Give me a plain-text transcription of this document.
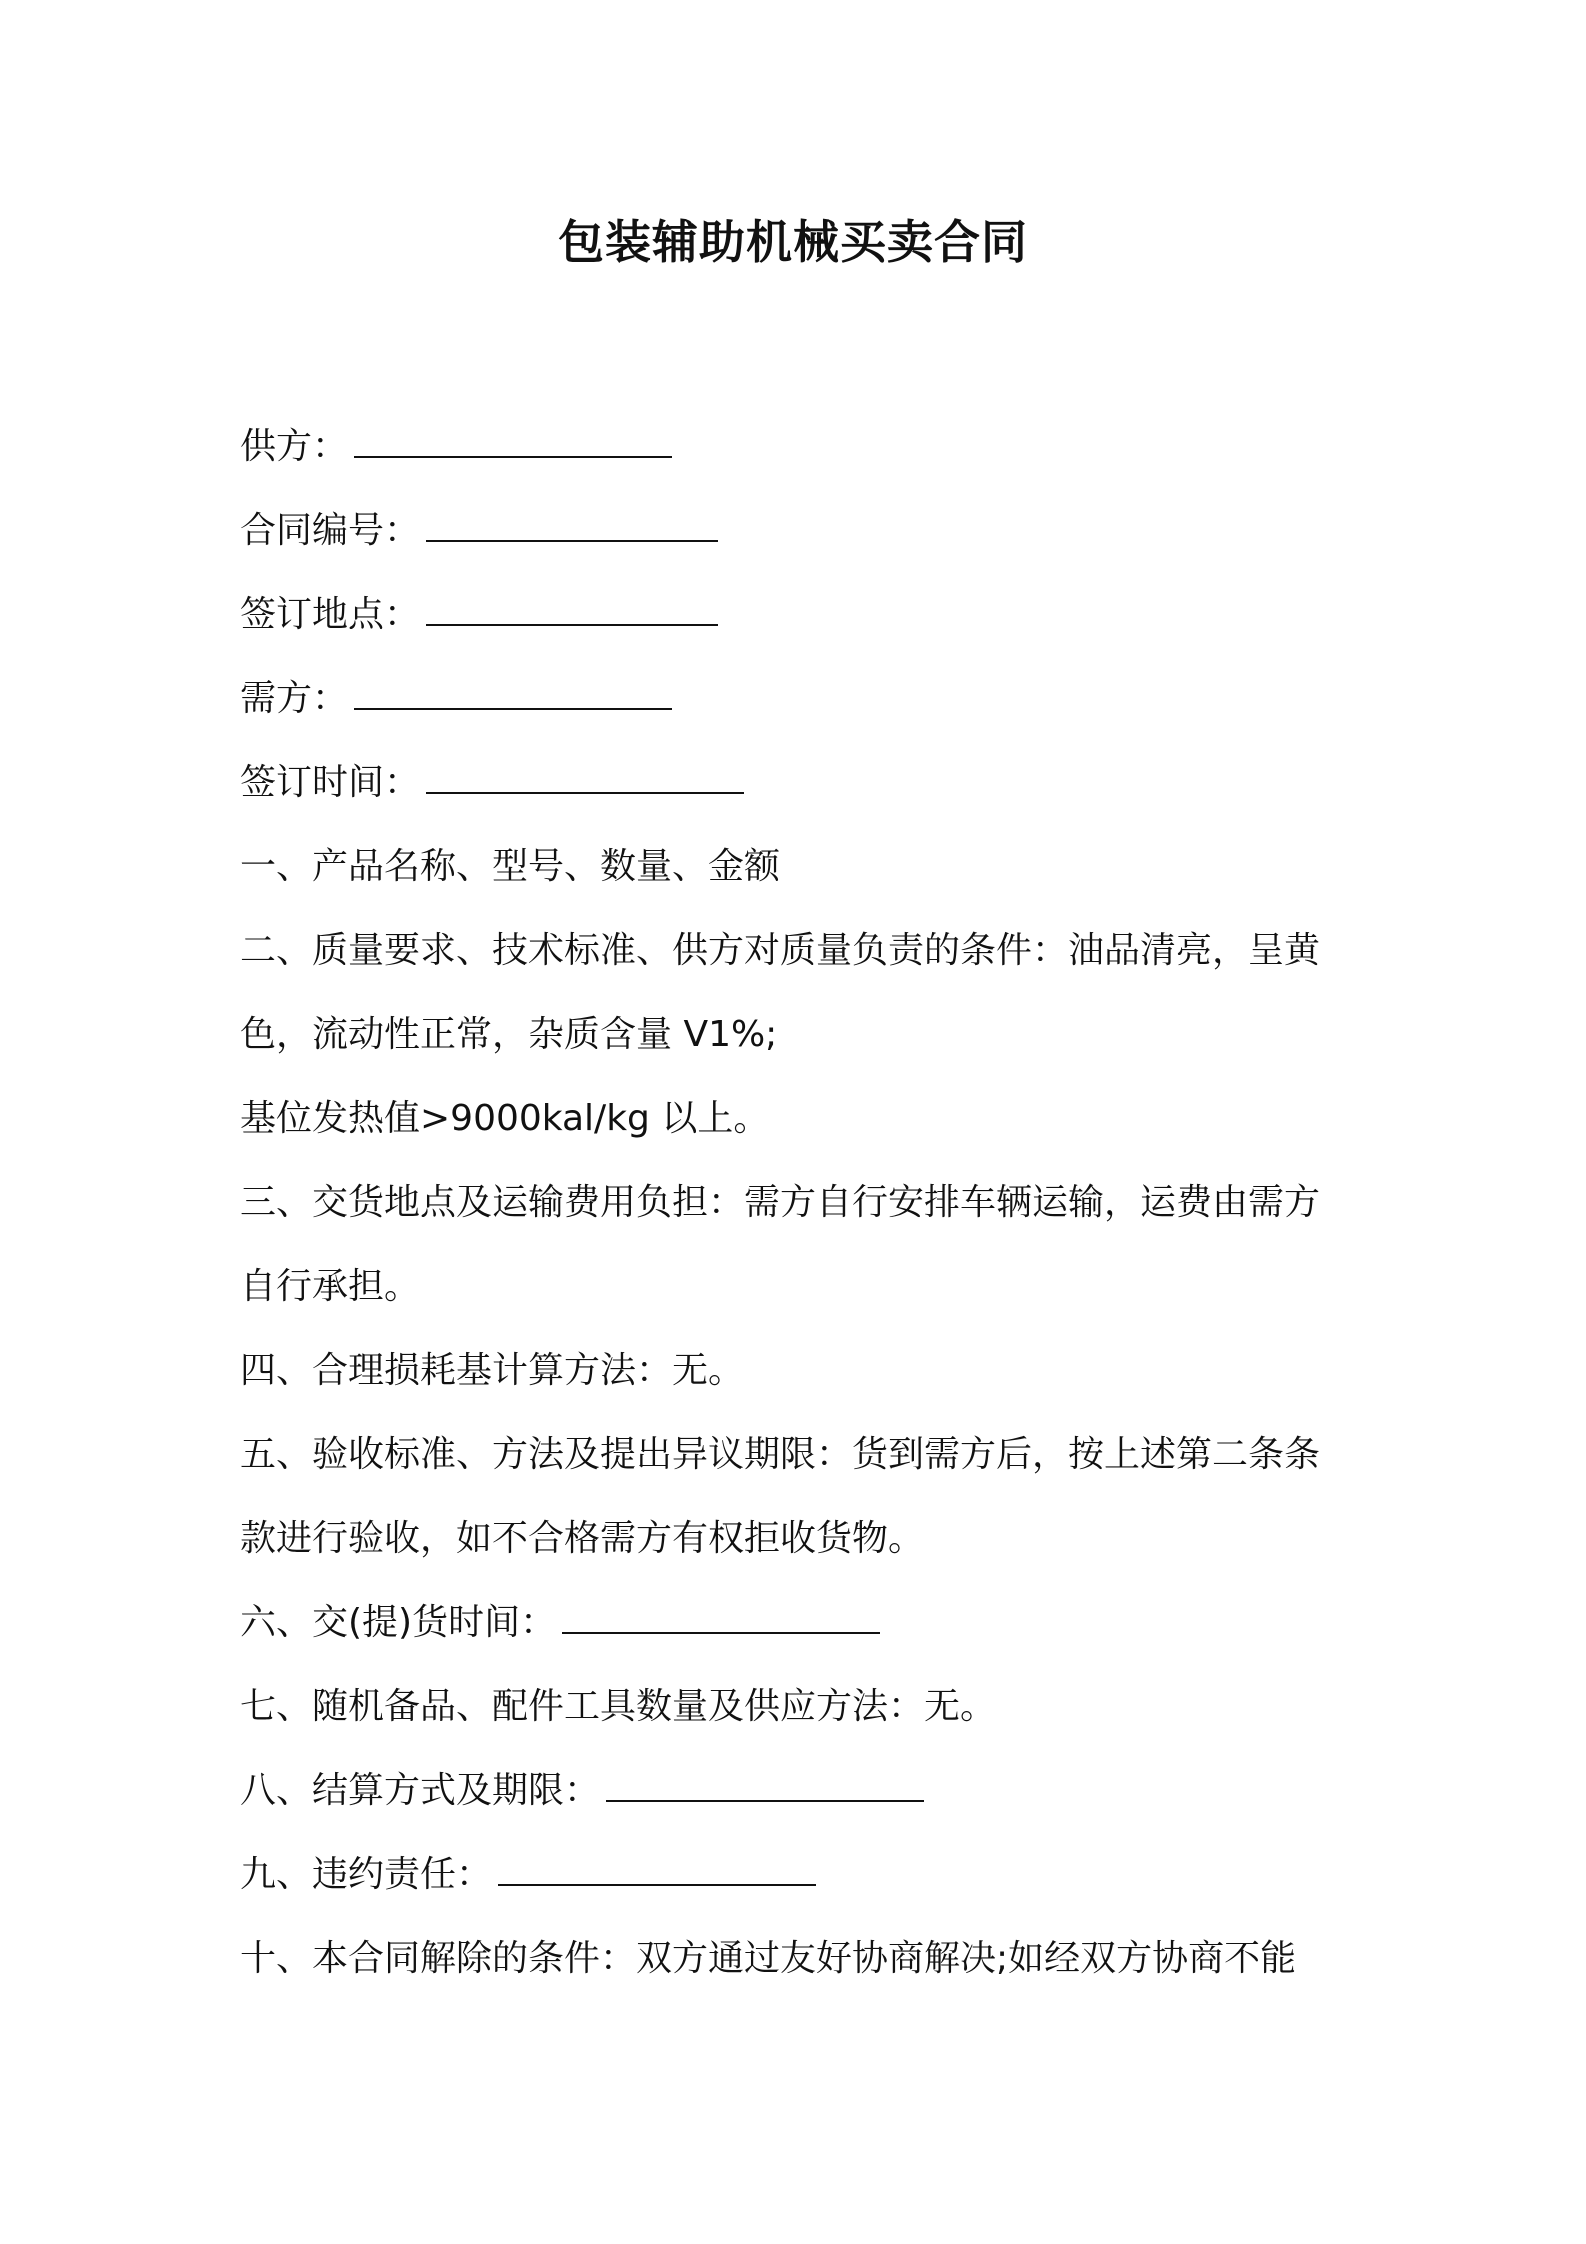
包装辅助机械买卖合同
供方：
合同编号：
签订地点：
需方：
签订时间：
一、产品名称、型号、数量、金额
二、质量要求、技术标准、供方对质量负责的条件：油品清亮，呈黄
色，流动性正常，杂质含量 V1%;
基位发热值>9000kal/kg 以上。
三、交货地点及运输费用负担：需方自行安排车辆运输，运费由需方
自行承担。
四、合理损耗基计算方法：无。
五、验收标准、方法及提出异议期限：货到需方后，按上述第二条条
款进行验收，如不合格需方有权拒收货物。
六、交(提)货时间：
七、随机备品、配件工具数量及供应方法：无。
八、结算方式及期限：
九、违约责任：
十、本合同解除的条件：双方通过友好协商解决;如经双方协商不能
